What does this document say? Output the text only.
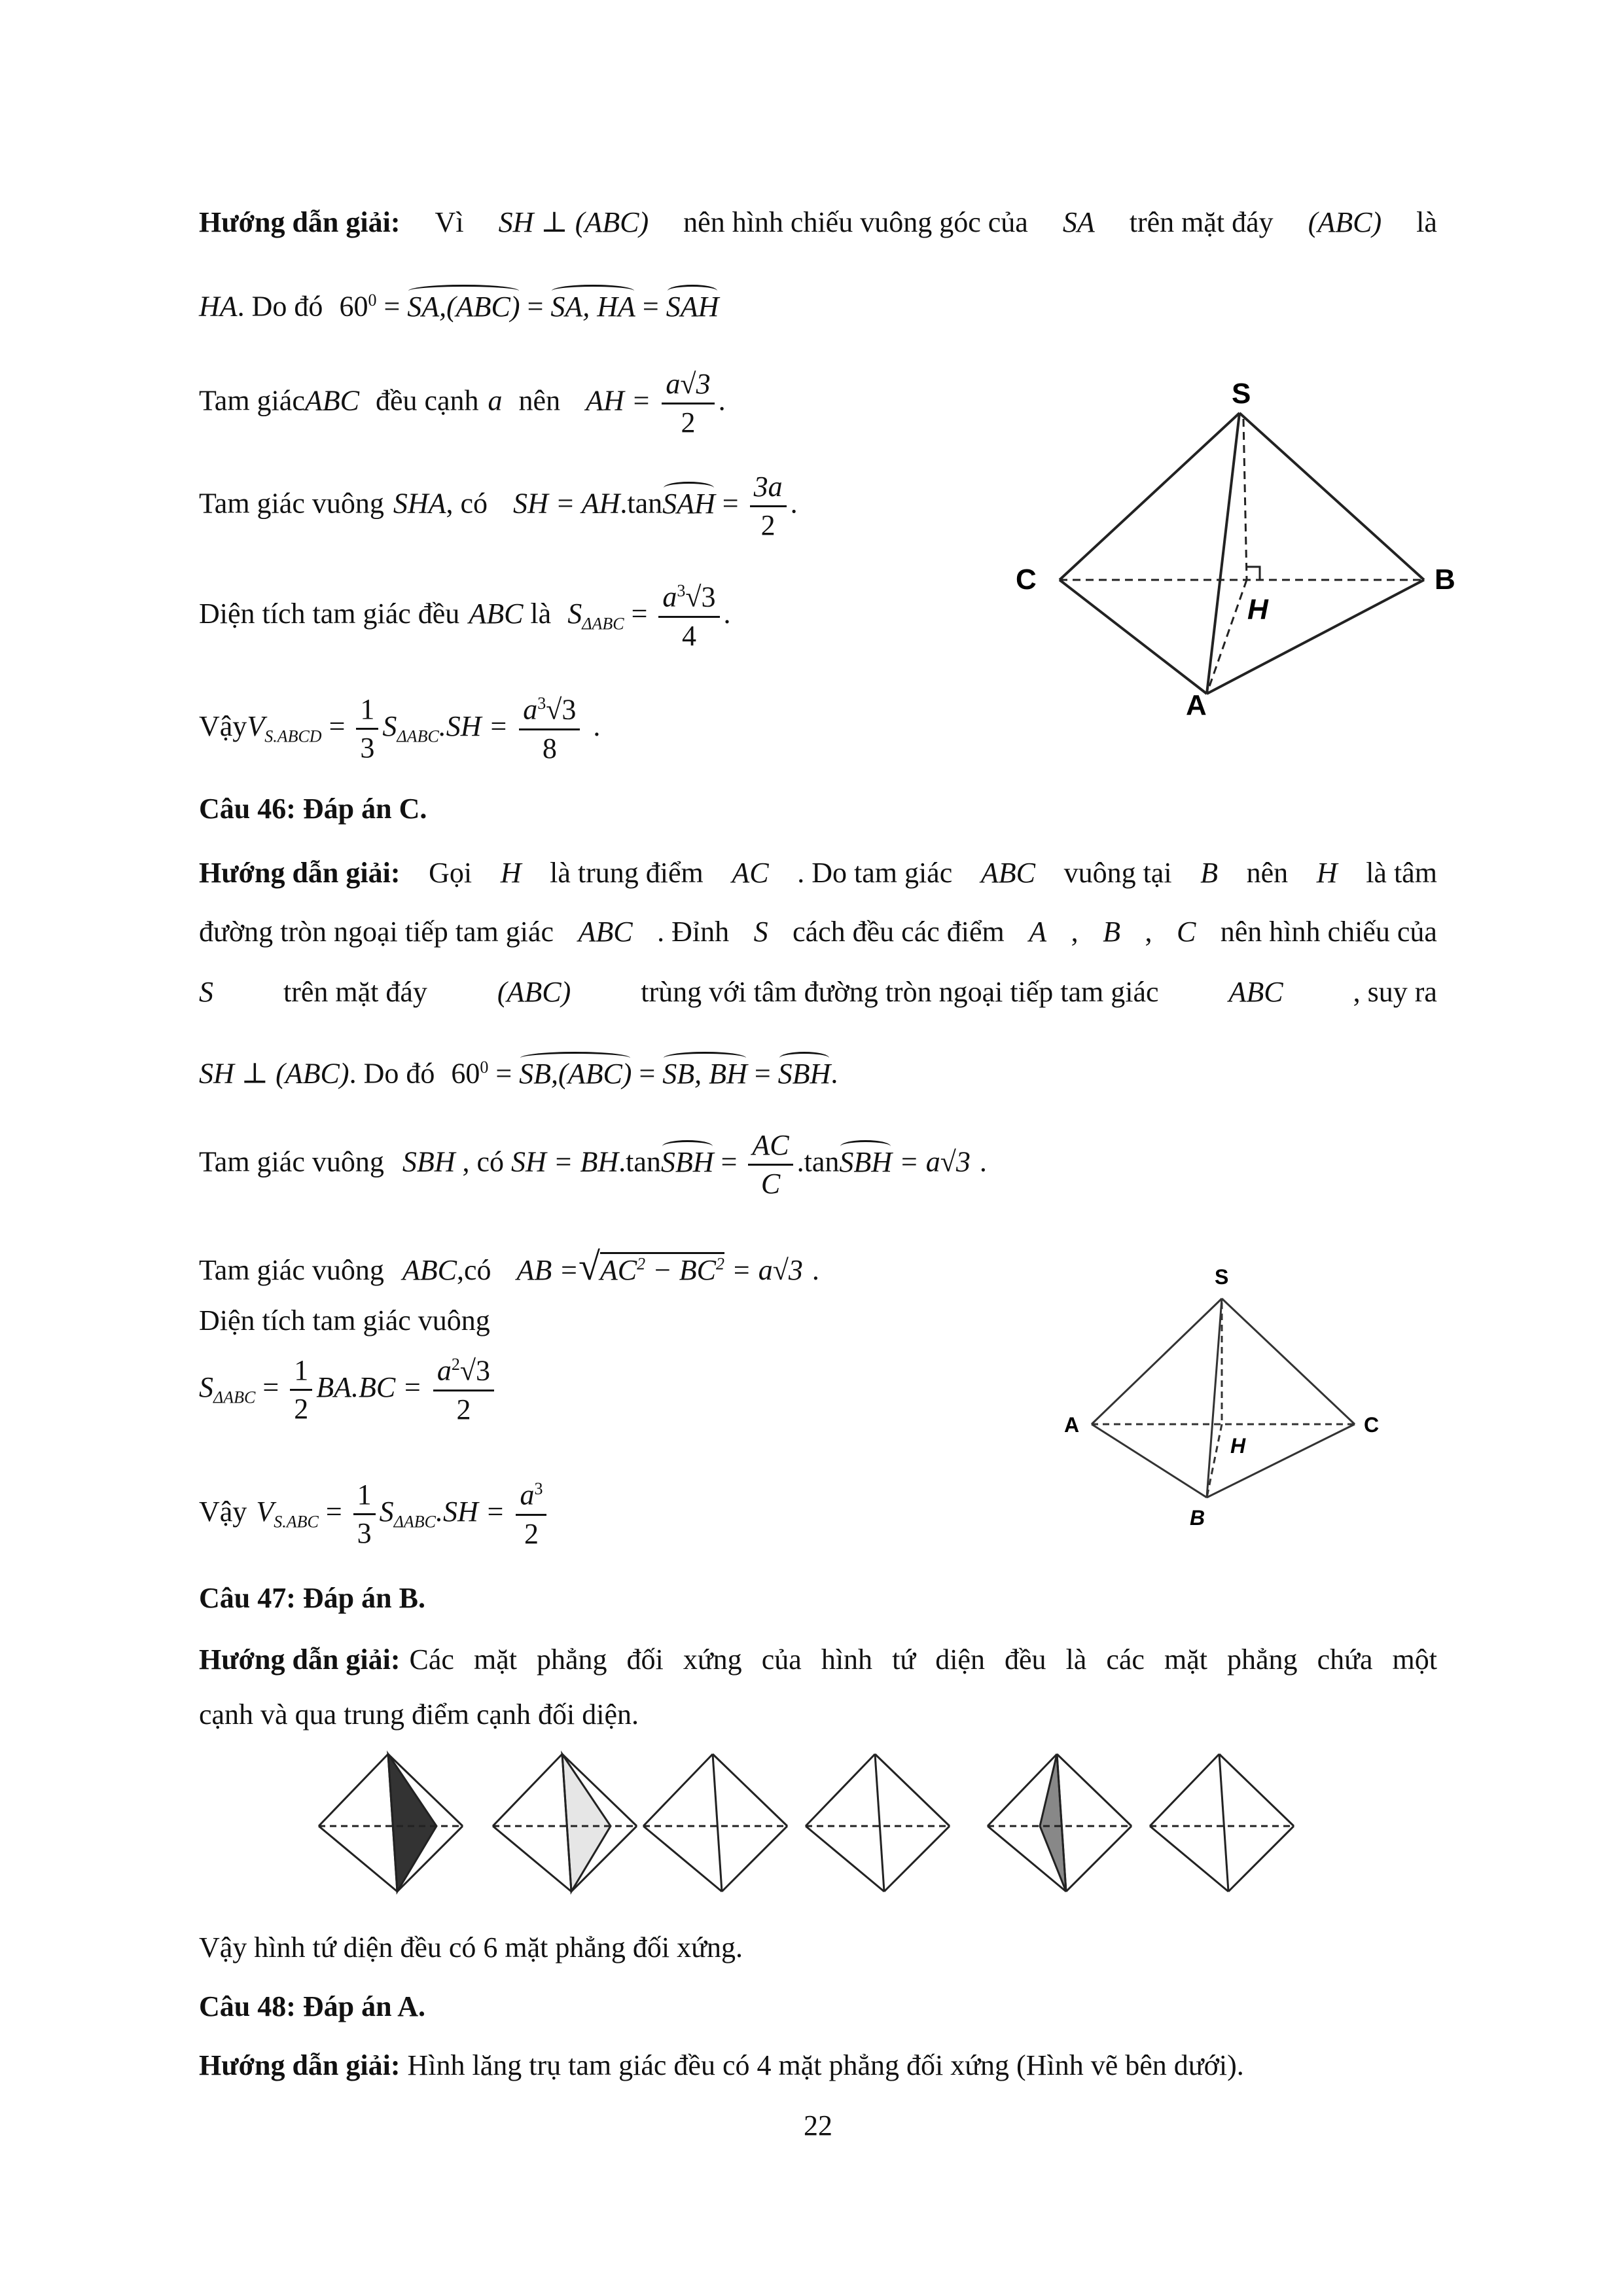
Hướng dẫn giải: Vì SH ⊥ (ABC) nên hình chiếu vuông góc của SA trên mặt đáy (ABC) là
HA. Do đó $60^0 = SA,(ABC)$ = SA, HA = SAH
Tam giácABC đều cạnh a nên AH = $\frac{a√3}{2}$ .
Tam giác vuông SHA, có SH = AH.tanSAH = $\frac{3a}{2}$ .
Diện tích tam giác đều ABC là $S_{\Delta ABC} = \frac{a^3√3}{4}$ .
VậyV$_{S.ABCD}$ = $\frac{1}{3} S_{\Delta ABC}.SH = \frac{a^3√3}{8}$ .
Câu 46: Đáp án C.
Hướng dẫn giải: Gọi H là trung điểm AC . Do tam giác ABC vuông tại B nên H là tâm
đường tròn ngoại tiếp tam giác ABC . Đỉnh S cách đều các điểm A , B , C nên hình chiếu của
S trên mặt đáy (ABC) trùng với tâm đường tròn ngoại tiếp tam giác ABC , suy ra
SH ⊥ (ABC). Do đó $60^0 = SB,(ABC)$ = SB, BH = SBH.
Tam giác vuông SBH , có SH = BH.tanSBH = $\frac{AC}{C}$ .tanSBH = a√3 .
Tam giác vuông ABC,có AB $=√AC^2 - BC^2 = a√3$ .
Diện tích tam giác vuông
$S_{\Delta ABC} = \frac{1}{2} BA.BC = \frac{a^2√3}{2}$
Vậy $V_{S.ABC} = \frac{1}{3} S_{\Delta ABC}.SH = \frac{a^3}{2}$
Câu 47: Đáp án B.
Hướng dẫn giải: Các mặt phẳng đối xứng của hình tứ diện đều là các mặt phẳng chứa một
cạnh và qua trung điểm cạnh đối diện.
Vậy hình tứ diện đều có 6 mặt phẳng đối xứng.
Câu 48: Đáp án A.
Hướng dẫn giải: Hình lăng trụ tam giác đều có 4 mặt phẳng đối xứng (Hình vẽ bên dưới).
22
S
C	B
H
A
S
A	C
H
B
